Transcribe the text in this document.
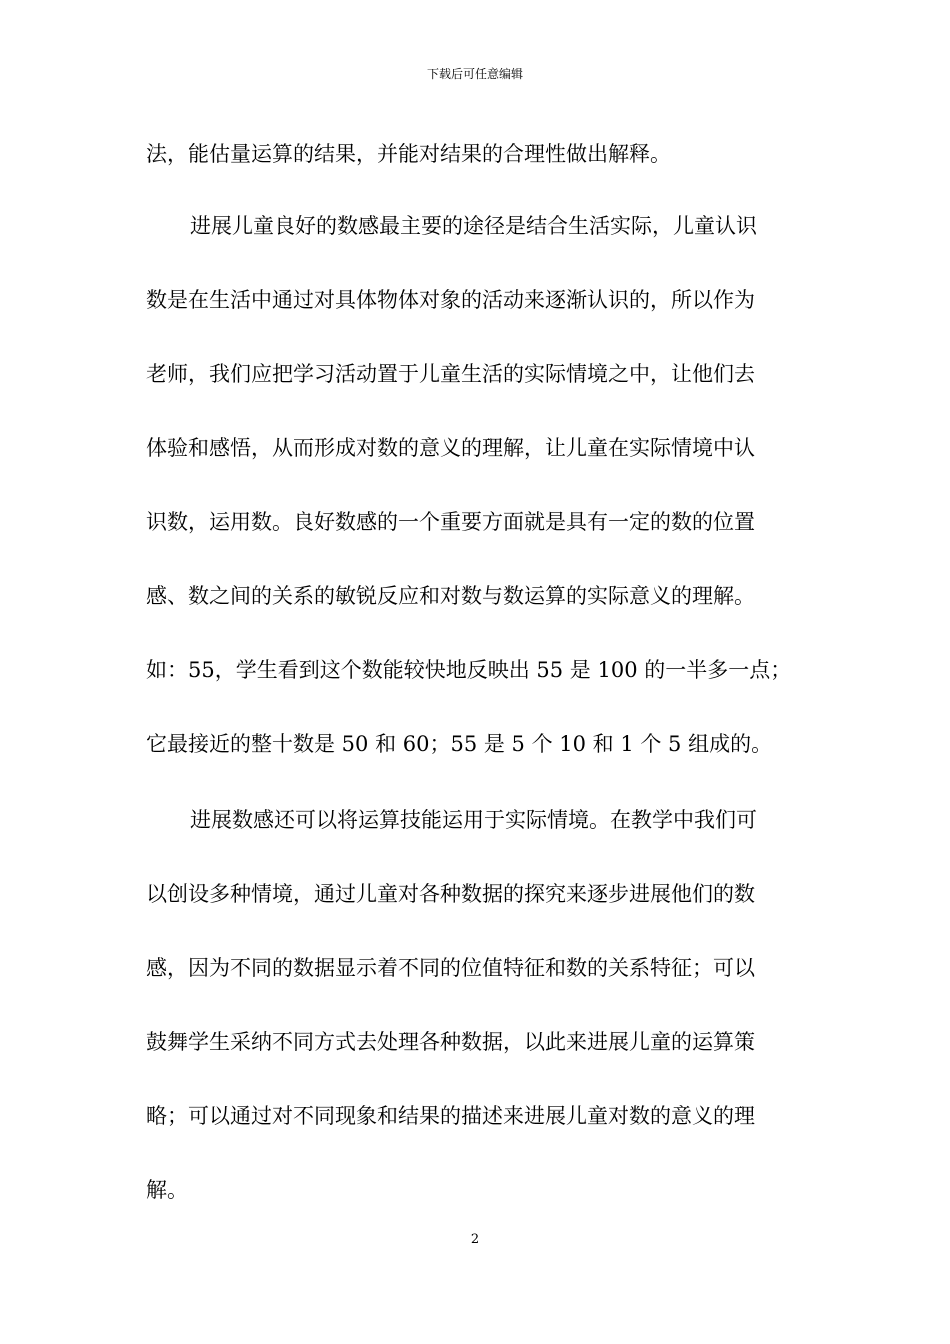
下载后可任意编辑
法，能估量运算的结果，并能对结果的合理性做出解释。
进展儿童良好的数感最主要的途径是结合生活实际，儿童认识
数是在生活中通过对具体物体对象的活动来逐渐认识的，所以作为
老师，我们应把学习活动置于儿童生活的实际情境之中，让他们去
体验和感悟，从而形成对数的意义的理解，让儿童在实际情境中认
识数，运用数。良好数感的一个重要方面就是具有一定的数的位置
感、数之间的关系的敏锐反应和对数与数运算的实际意义的理解。
如：55，学生看到这个数能较快地反映出 55 是 100 的一半多一点；
它最接近的整十数是 50 和 60；55 是 5 个 10 和 1 个 5 组成的。
进展数感还可以将运算技能运用于实际情境。在教学中我们可
以创设多种情境，通过儿童对各种数据的探究来逐步进展他们的数
感，因为不同的数据显示着不同的位值特征和数的关系特征；可以
鼓舞学生采纳不同方式去处理各种数据，以此来进展儿童的运算策
略；可以通过对不同现象和结果的描述来进展儿童对数的意义的理
解。
2
